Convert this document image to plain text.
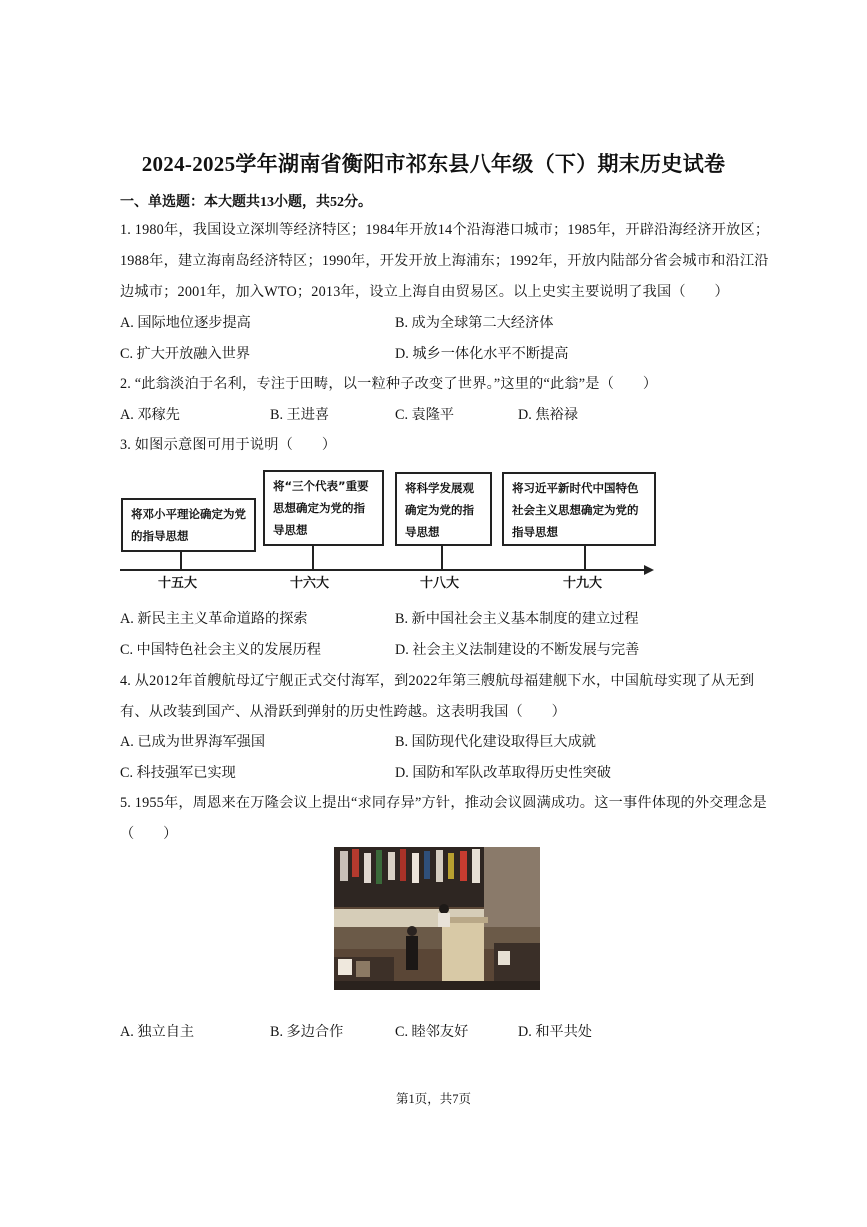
2024-2025学年湖南省衡阳市祁东县八年级（下）期末历史试卷
一、单选题：本大题共13小题，共52分。
1. 1980年，我国设立深圳等经济特区；1984年开放14个沿海港口城市；1985年，开辟沿海经济开放区；
1988年，建立海南岛经济特区；1990年，开发开放上海浦东；1992年，开放内陆部分省会城市和沿江沿
边城市；2001年，加入WTO；2013年，设立上海自由贸易区。以上史实主要说明了我国（　　）
A. 国际地位逐步提高	B. 成为全球第二大经济体
C. 扩大开放融入世界	D. 城乡一体化水平不断提高
2. “此翁淡泊于名利，专注于田畴，以一粒种子改变了世界。”这里的“此翁”是（　　）
A. 邓稼先	B. 王进喜	C. 袁隆平	D. 焦裕禄
3. 如图示意图可用于说明（　　）
将邓小平理论确定为党的指导思想
将“三个代表”重要思想确定为党的指导思想
将科学发展观确定为党的指导思想
将习近平新时代中国特色社会主义思想确定为党的指导思想
十五大	十六大	十八大	十九大
A. 新民主主义革命道路的探索	B. 新中国社会主义基本制度的建立过程
C. 中国特色社会主义的发展历程	D. 社会主义法制建设的不断发展与完善
4. 从2012年首艘航母辽宁舰正式交付海军，到2022年第三艘航母福建舰下水，中国航母实现了从无到
有、从改装到国产、从滑跃到弹射的历史性跨越。这表明我国（　　）
A. 已成为世界海军强国	B. 国防现代化建设取得巨大成就
C. 科技强军已实现	D. 国防和军队改革取得历史性突破
5. 1955年，周恩来在万隆会议上提出“求同存异”方针，推动会议圆满成功。这一事件体现的外交理念是
（　　）
A. 独立自主	B. 多边合作	C. 睦邻友好	D. 和平共处
第1页，共7页
